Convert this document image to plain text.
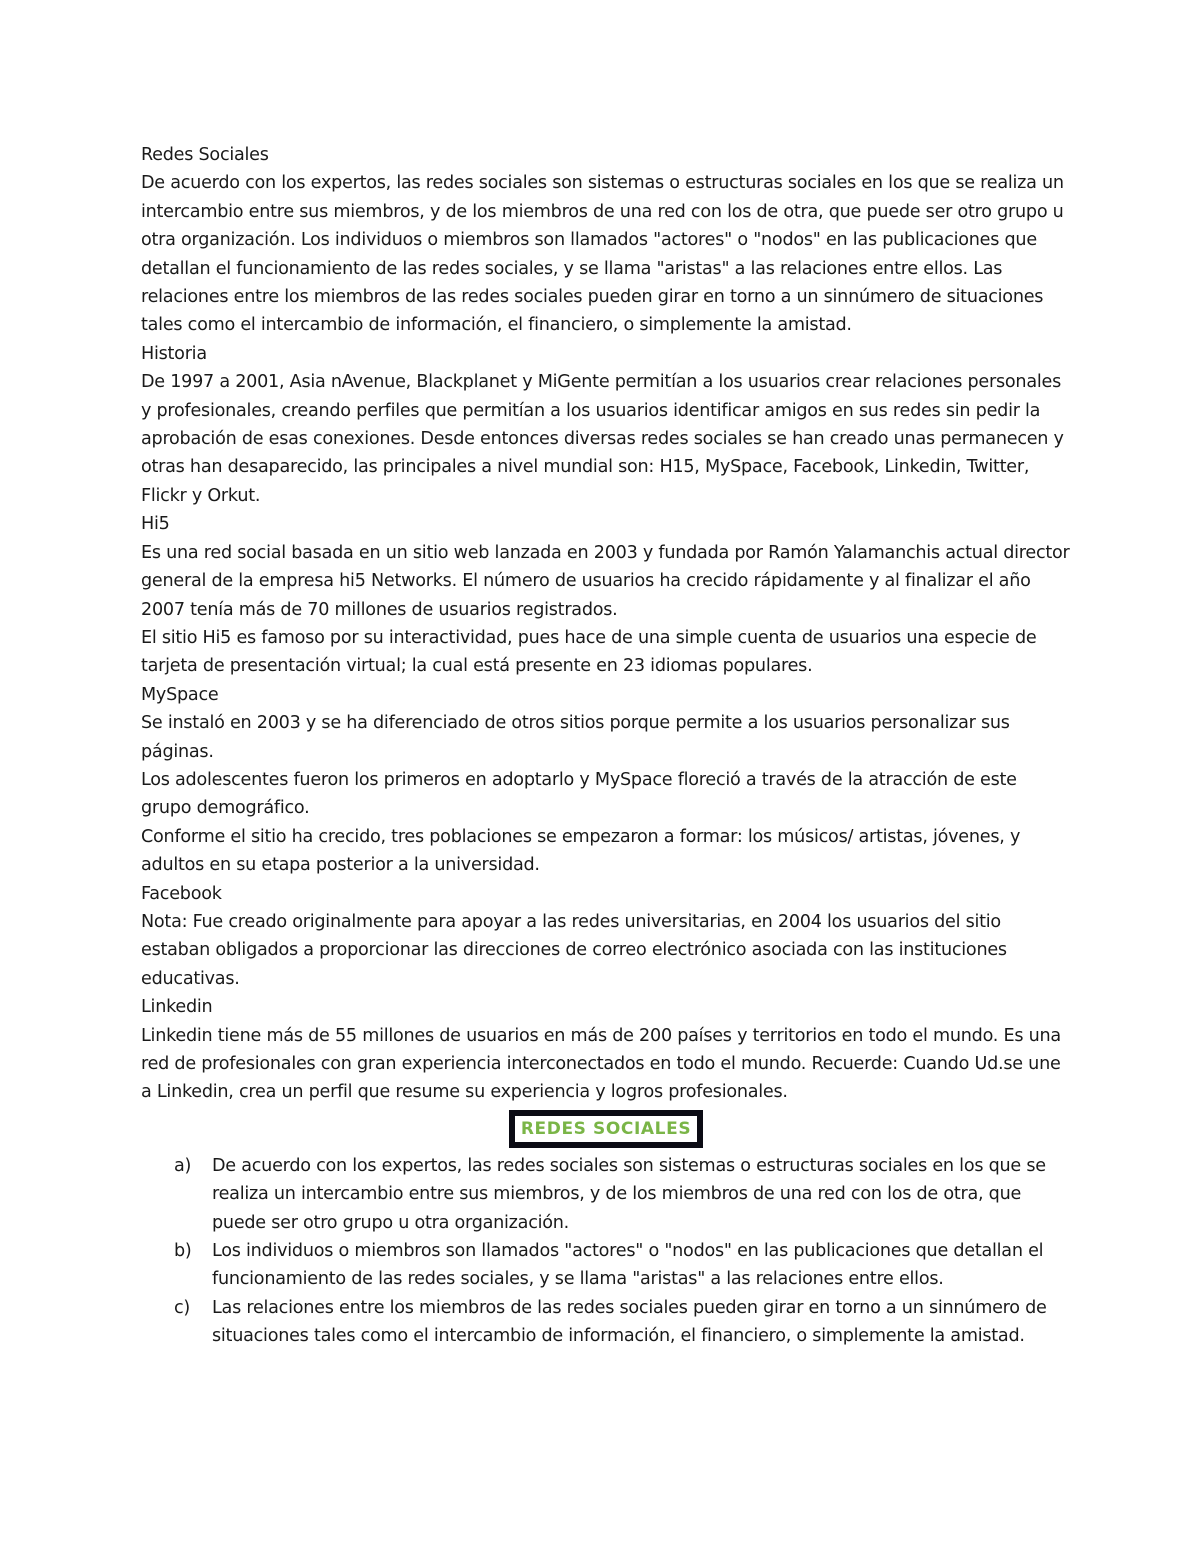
Redes Sociales

De acuerdo con los expertos, las redes sociales son sistemas o estructuras sociales en los que se realiza un intercambio entre sus miembros, y de los miembros de una red con los de otra, que puede ser otro grupo u otra organización. Los individuos o miembros son llamados "actores" o "nodos" en las publicaciones que detallan el funcionamiento de las redes sociales, y se llama "aristas" a las relaciones entre ellos. Las relaciones entre los miembros de las redes sociales pueden girar en torno a un sinnúmero de situaciones tales como el intercambio de información, el financiero, o simplemente la amistad.

Historia

De 1997 a 2001, Asia nAvenue, Blackplanet y MiGente permitían a los usuarios crear relaciones personales y profesionales, creando perfiles que permitían a los usuarios identificar amigos en sus redes sin pedir la aprobación de esas conexiones. Desde entonces diversas redes sociales se han creado unas permanecen y otras han desaparecido, las principales a nivel mundial son: H15, MySpace, Facebook, Linkedin, Twitter, Flickr y Orkut.

Hi5

Es una red social basada en un sitio web lanzada en 2003 y fundada por Ramón Yalamanchis actual director general de la empresa hi5 Networks. El número de usuarios ha crecido rápidamente y al finalizar el año 2007 tenía más de 70 millones de usuarios registrados.

El sitio Hi5 es famoso por su interactividad, pues hace de una simple cuenta de usuarios una especie de tarjeta de presentación virtual; la cual está presente en 23 idiomas populares.

MySpace

Se instaló en 2003 y se ha diferenciado de otros sitios porque permite a los usuarios personalizar sus páginas.

Los adolescentes fueron los primeros en adoptarlo y MySpace floreció a través de la atracción de este grupo demográfico.

Conforme el sitio ha crecido, tres poblaciones se empezaron a formar: los músicos/ artistas, jóvenes, y adultos en su etapa posterior a la universidad.

Facebook

Nota: Fue creado originalmente para apoyar a las redes universitarias, en 2004 los usuarios del sitio estaban obligados a proporcionar las direcciones de correo electrónico asociada con las instituciones educativas.

Linkedin

Linkedin tiene más de 55 millones de usuarios en más de 200 países y territorios en todo el mundo. Es una red de profesionales con gran experiencia interconectados en todo el mundo. Recuerde: Cuando Ud.se une a Linkedin, crea un perfil que resume su experiencia y logros profesionales.

REDES SOCIALES
a) De acuerdo con los expertos, las redes sociales son sistemas o estructuras sociales en los que se realiza un intercambio entre sus miembros, y de los miembros de una red con los de otra, que puede ser otro grupo u otra organización.
b) Los individuos o miembros son llamados "actores" o "nodos" en las publicaciones que detallan el funcionamiento de las redes sociales, y se llama "aristas" a las relaciones entre ellos.
c) Las relaciones entre los miembros de las redes sociales pueden girar en torno a un sinnúmero de situaciones tales como el intercambio de información, el financiero, o simplemente la amistad.
